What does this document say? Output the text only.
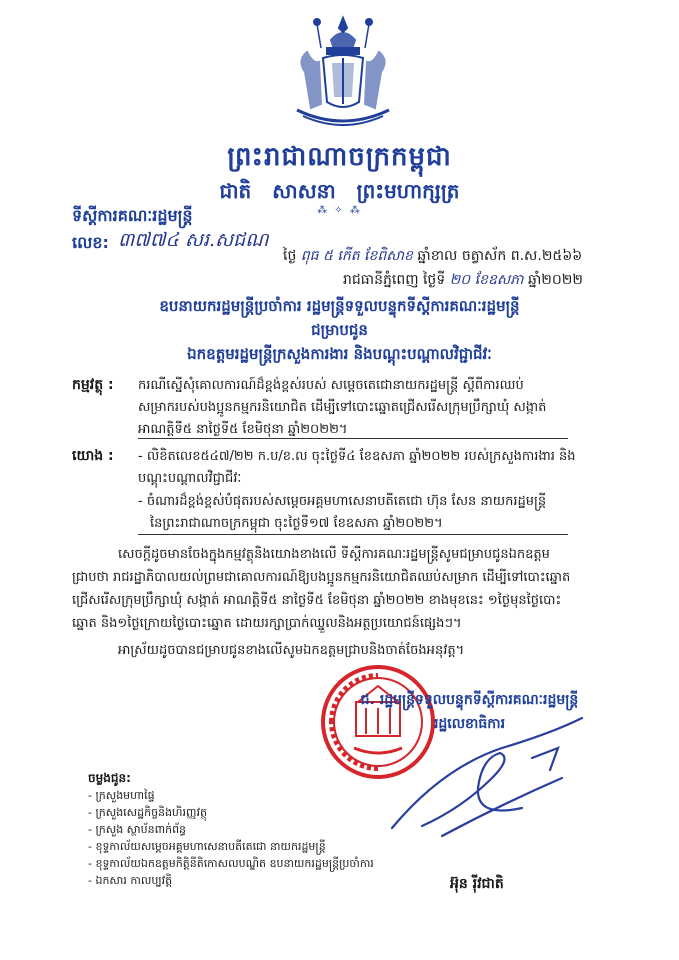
ព្រះរាជាណាចក្រកម្ពុជា
ជាតិ សាសនា ព្រះមហាក្សត្រ
⁂ ✧ ⁂
ទីស្តីការគណៈរដ្ឋមន្ត្រី
លេខ: ៣៧៧៤ សរ.សជណ
ថ្ងៃ ពុធ ៥ កើត ខែពិសាខ ឆ្នាំខាល ចត្វាស័ក ព.ស.២៥៦៦
រាជធានីភ្នំពេញ ថ្ងៃទី ២០ ខែឧសភា ឆ្នាំ២០២២
ឧបនាយករដ្ឋមន្ត្រីប្រចាំការ រដ្ឋមន្ត្រីទទួលបន្ទុកទីស្តីការគណៈរដ្ឋមន្ត្រី
ជម្រាបជូន
ឯកឧត្តមរដ្ឋមន្ត្រីក្រសួងការងារ និងបណ្តុះបណ្តាលវិជ្ជាជីវៈ
កម្មវត្ថុ : ករណីស្នើសុំគោលការណ៍ដ៏ខ្ពង់ខ្ពស់របស់ សម្តេចតេជោនាយករដ្ឋមន្ត្រី ស្តីពីការឈប់
សម្រាករបស់បងប្អូនកម្មករនិយោជិត ដើម្បីទៅបោះឆ្នោតជ្រើសរើសក្រុមប្រឹក្សាឃុំ សង្កាត់
អាណត្តិទី៥ នាថ្ងៃទី៥ ខែមិថុនា ឆ្នាំ២០២២។
យោង : - លិខិតលេខ៥៤៧/២២ ក.ប/ខ.ល ចុះថ្ងៃទី៤ ខែឧសភា ឆ្នាំ២០២២ របស់ក្រសួងការងារ និង
បណ្តុះបណ្តាលវិជ្ជាជីវៈ
- ចំណារដ៏ខ្ពង់ខ្ពស់បំផុតរបស់សម្តេចអគ្គមហាសេនាបតីតេជោ ហ៊ុន សែន នាយករដ្ឋមន្ត្រី
នៃព្រះរាជាណាចក្រកម្ពុជា ចុះថ្ងៃទី១៧ ខែឧសភា ឆ្នាំ២០២២។
សេចក្តីដូចមានចែងក្នុងកម្មវត្ថុនិងយោងខាងលើ ទីស្តីការគណៈរដ្ឋមន្ត្រីសូមជម្រាបជូនឯកឧត្តម
ជ្រាបថា រាជរដ្ឋាភិបាលយល់ព្រមជាគោលការណ៍ឱ្យបងប្អូនកម្មករនិយោជិតឈប់សម្រាក ដើម្បីទៅបោះឆ្នោត
ជ្រើសរើសក្រុមប្រឹក្សាឃុំ សង្កាត់ អាណត្តិទី៥ នាថ្ងៃទី៥ ខែមិថុនា ឆ្នាំ២០២២ ខាងមុខនេះ ១ថ្ងៃមុនថ្ងៃបោះ
ឆ្នោត និង១ថ្ងៃក្រោយថ្ងៃបោះឆ្នោត ដោយរក្សាប្រាក់ឈ្នួលនិងអត្ថប្រយោជន៍ផ្សេងៗ។
អាស្រ័យដូចបានជម្រាបជូនខាងលើសូមឯកឧត្តមជ្រាបនិងចាត់ចែងអនុវត្ត។
ជ. រដ្ឋមន្ត្រីទទួលបន្ទុកទីស្តីការគណៈរដ្ឋមន្ត្រី
រដ្ឋលេខាធិការ
អ៊ុន រ៉ីវជាតិ
ចម្លងជូន:
- ក្រសួងមហាផ្ទៃ
- ក្រសួងសេដ្ឋកិច្ចនិងហិរញ្ញវត្ថុ
- ក្រសួង ស្ថាប័នពាក់ព័ន្ធ
- ខុទ្ទកាល័យសម្តេចអគ្គមហាសេនាបតីតេជោ នាយករដ្ឋមន្ត្រី
- ខុទ្ទកាល័យឯកឧត្តមកិត្តិនីតិកោសលបណ្ឌិត ឧបនាយករដ្ឋមន្ត្រីប្រចាំការ
- ឯកសារ កាលប្បវត្តិ
